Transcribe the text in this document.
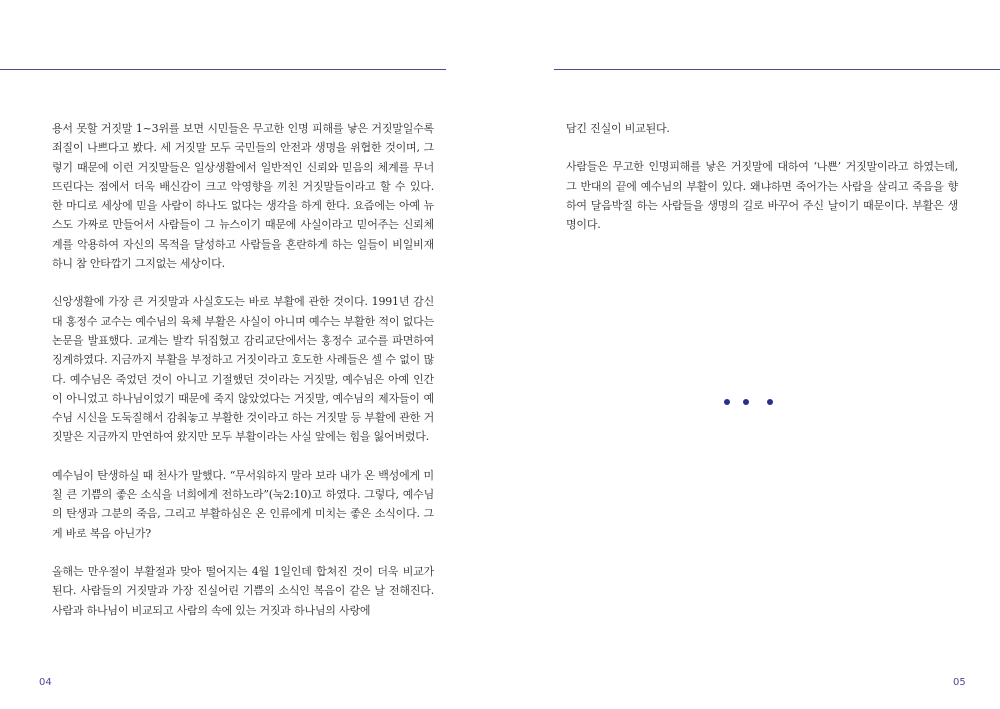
용서 못할 거짓말 1~3위를 보면 시민들은 무고한 인명 피해를 낳은 거짓말일수록 죄질이 나쁘다고 봤다. 세 거짓말 모두 국민들의 안전과 생명을 위협한 것이며, 그렇기 때문에 이런 거짓말들은 일상생활에서 일반적인 신뢰와 믿음의 체계를 무너뜨린다는 점에서 더욱 배신감이 크고 악영향을 끼친 거짓말들이라고 할 수 있다. 한 마디로 세상에 믿을 사람이 하나도 없다는 생각을 하게 한다. 요즘에는 아예 뉴스도 가짜로 만들어서 사람들이 그 뉴스이기 때문에 사실이라고 믿어주는 신뢰체계를 악용하여 자신의 목적을 달성하고 사람들을 혼란하게 하는 일들이 비일비재하니 참 안타깝기 그지없는 세상이다.

신앙생활에 가장 큰 거짓말과 사실호도는 바로 부활에 관한 것이다. 1991년 감신대 홍정수 교수는 예수님의 육체 부활은 사실이 아니며 예수는 부활한 적이 없다는 논문을 발표했다. 교계는 발칵 뒤집혔고 감리교단에서는 홍정수 교수를 파면하여 징계하였다. 지금까지 부활을 부정하고 거짓이라고 호도한 사례들은 셀 수 없이 많다. 예수님은 죽었던 것이 아니고 기절했던 것이라는 거짓말, 예수님은 아예 인간이 아니었고 하나님이었기 때문에 죽지 않았었다는 거짓말, 예수님의 제자들이 예수님 시신을 도둑질해서 감춰놓고 부활한 것이라고 하는 거짓말 등 부활에 관한 거짓말은 지금까지 만연하여 왔지만 모두 부활이라는 사실 앞에는 힘을 잃어버렸다.

예수님이 탄생하실 때 천사가 말했다. “무서워하지 말라 보라 내가 온 백성에게 미칠 큰 기쁨의 좋은 소식을 너희에게 전하노라”(눅2:10)고 하였다. 그렇다, 예수님의 탄생과 그분의 죽음, 그리고 부활하심은 온 인류에게 미치는 좋은 소식이다. 그게 바로 복음 아닌가?

올해는 만우절이 부활절과 맞아 떨어지는 4월 1일인데 합쳐진 것이 더욱 비교가 된다. 사람들의 거짓말과 가장 진실어린 기쁨의 소식인 복음이 같은 날 전해진다. 사람과 하나님이 비교되고 사람의 속에 있는 거짓과 하나님의 사랑에

담긴 진실이 비교된다.

사람들은 무고한 인명피해를 낳은 거짓말에 대하여 ‘나쁜’ 거짓말이라고 하였는데, 그 반대의 끝에 예수님의 부활이 있다. 왜냐하면 죽어가는 사람을 살리고 죽음을 향하여 달음박질 하는 사람들을 생명의 길로 바꾸어 주신 날이기 때문이다. 부활은 생명이다.

04	05
